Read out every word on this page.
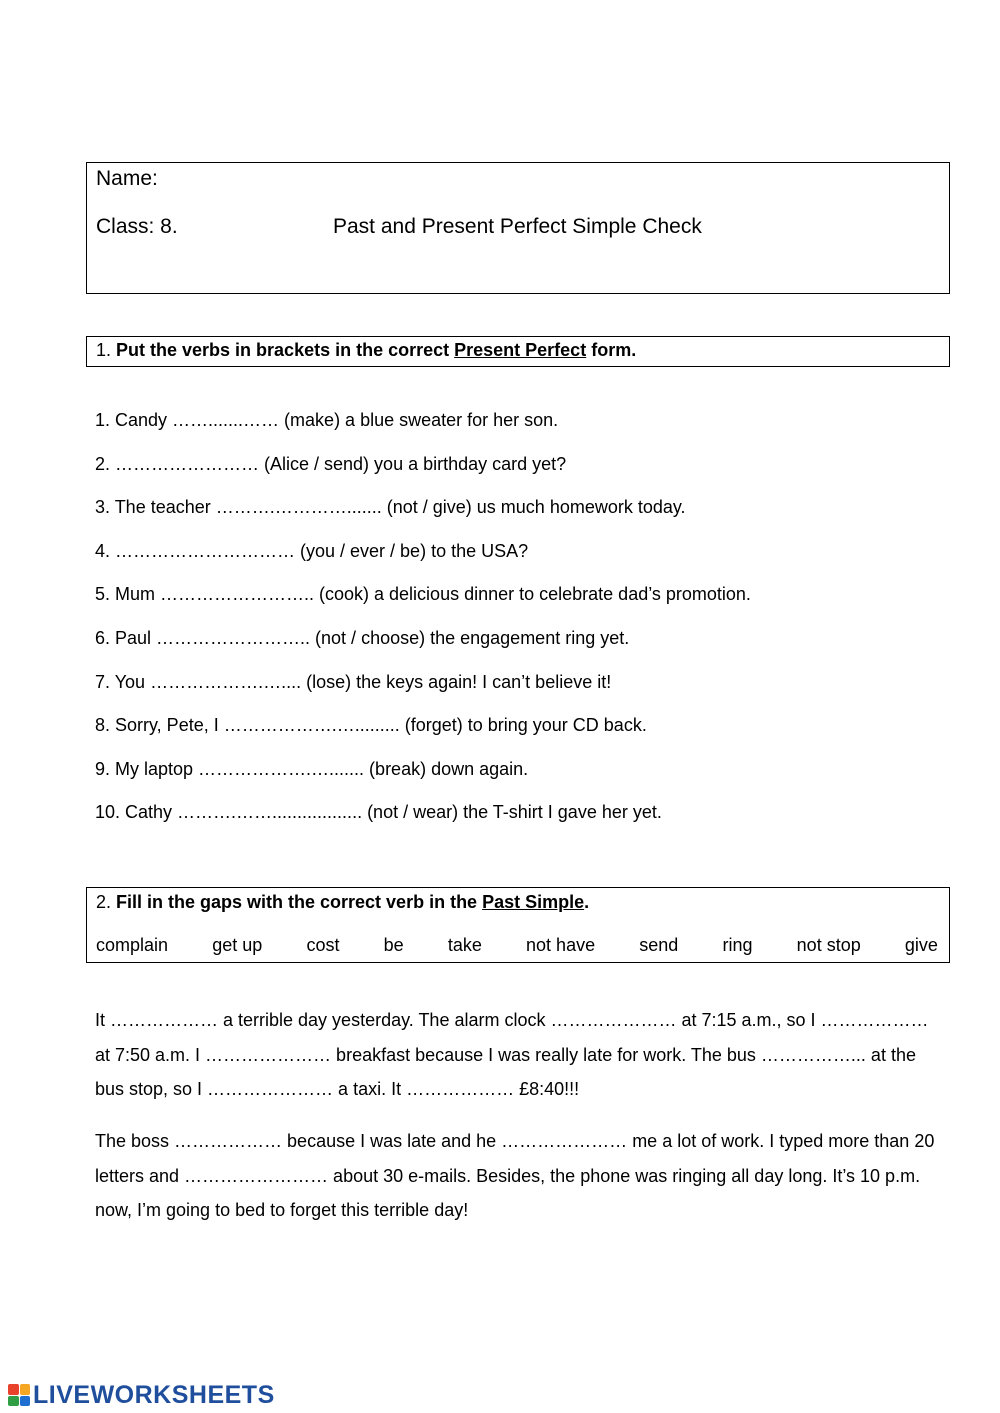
Name:
Class: 8.	Past and Present Perfect Simple Check
1. Put the verbs in brackets in the correct Present Perfect form.
1. Candy …….......…… (make) a blue sweater for her son.
2. …………………… (Alice / send) you a birthday card yet?
3. The teacher ……….…………....... (not / give) us much homework today.
4. ………………………… (you / ever / be) to the USA?
5. Mum …………………….. (cook) a delicious dinner to celebrate dad’s promotion.
6. Paul …………………….. (not / choose) the engagement ring yet.
7. You ……………….….... (lose) the keys again! I can’t believe it!
8. Sorry, Pete, I ……………….…......... (forget) to bring your CD back.
9. My laptop ……………….…....... (break) down again.
10. Cathy ……….…….................. (not / wear) the T-shirt I gave her yet.
2. Fill in the gaps with the correct verb in the Past Simple.
complain get up cost be take not have send ring not stop give

It ……………… a terrible day yesterday. The alarm clock ………………… at 7:15 a.m., so I ……………… at 7:50 a.m. I ………………… breakfast because I was really late for work. The bus ……………... at the bus stop, so I ………………… a taxi. It ……………… £8:40!!!

The boss ……………… because I was late and he ………………… me a lot of work. I typed more than 20 letters and …………………… about 30 e-mails. Besides, the phone was ringing all day long. It’s 10 p.m. now, I’m going to bed to forget this terrible day!

LIVEWORKSHEETS
